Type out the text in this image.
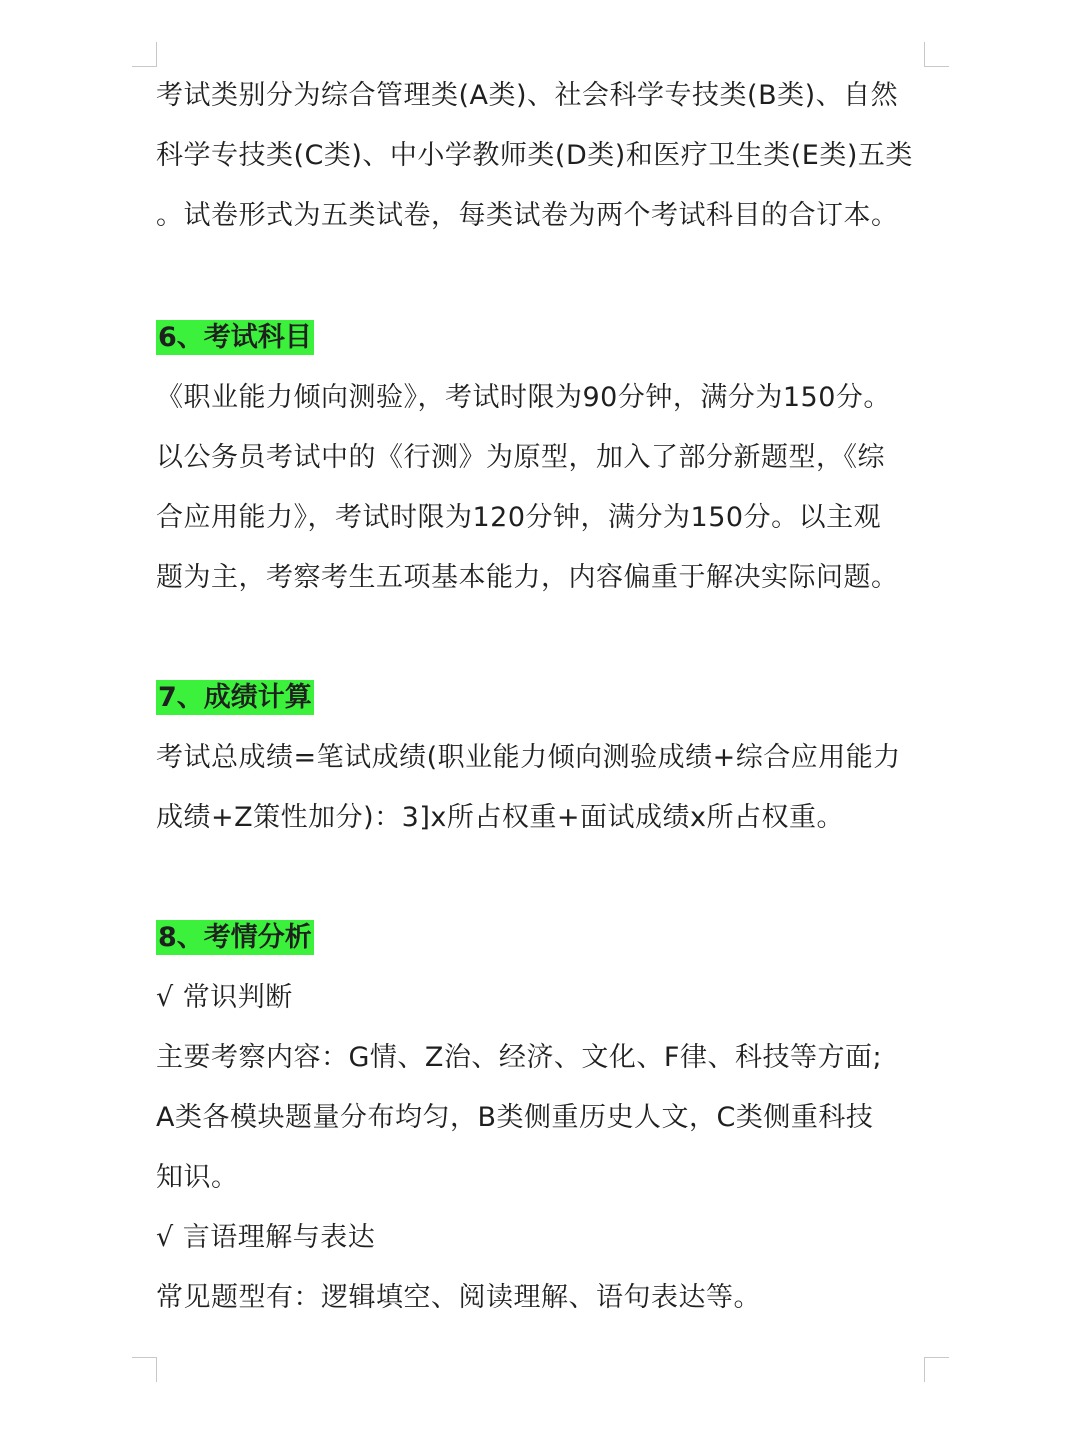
考试类别分为综合管理类(A类)、社会科学专技类(B类)、自然
科学专技类(C类)、中小学教师类(D类)和医疗卫生类(E类)五类
。试卷形式为五类试卷，每类试卷为两个考试科目的合订本。
6、考试科目
《职业能力倾向测验》，考试时限为90分钟，满分为150分。
以公务员考试中的《行测》为原型，加入了部分新题型，《综
合应用能力》，考试时限为120分钟，满分为150分。以主观
题为主，考察考生五项基本能力，内容偏重于解决实际问题。
7、成绩计算
考试总成绩=笔试成绩(职业能力倾向测验成绩+综合应用能力
成绩+Z策性加分)：3]x所占权重+面试成绩x所占权重。
8、考情分析
√ 常识判断
主要考察内容：G情、Z治、经济、文化、F律、科技等方面;
A类各模块题量分布均匀，B类侧重历史人文，C类侧重科技
知识。
√ 言语理解与表达
常见题型有：逻辑填空、阅读理解、语句表达等。
